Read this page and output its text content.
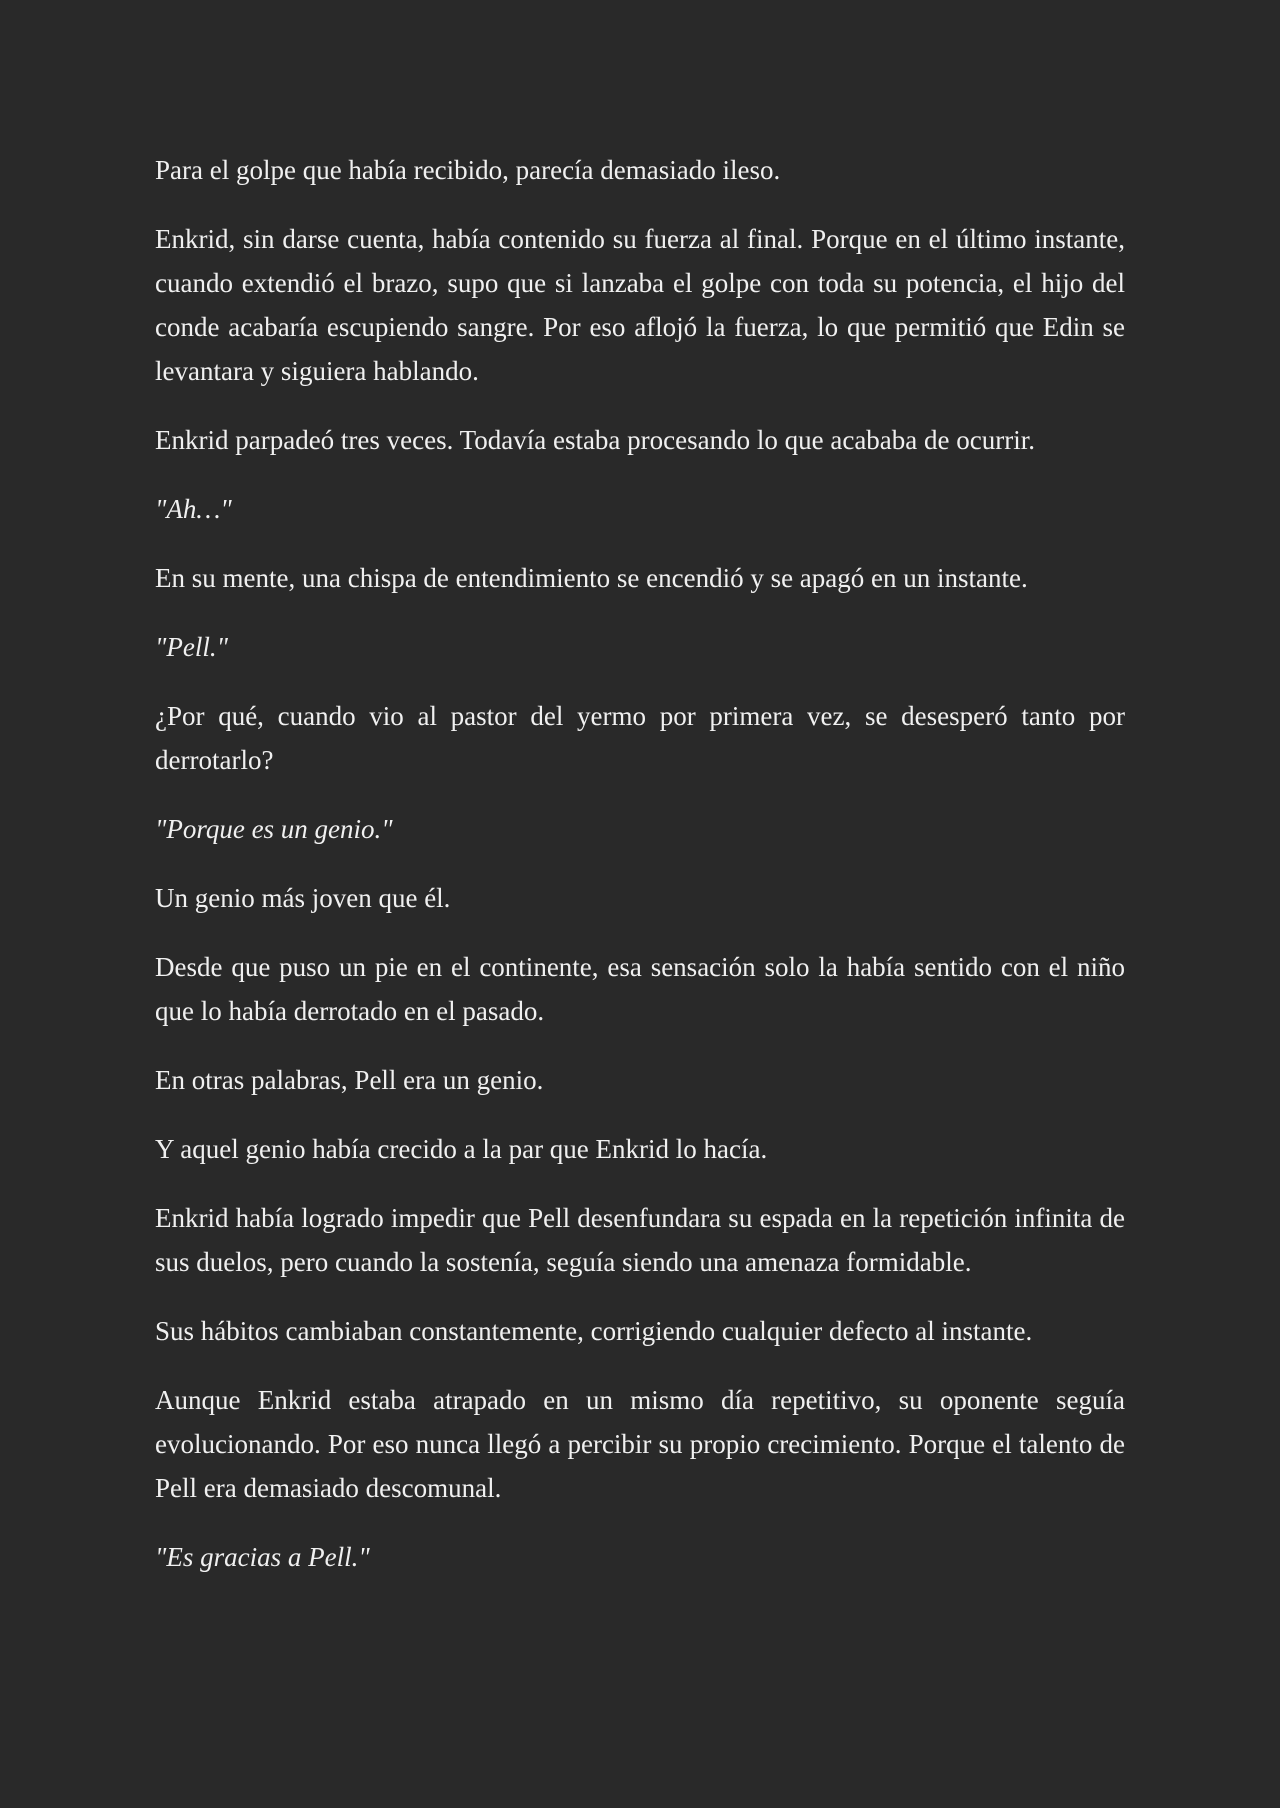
Para el golpe que había recibido, parecía demasiado ileso.

Enkrid, sin darse cuenta, había contenido su fuerza al final. Porque en el último instante, cuando extendió el brazo, supo que si lanzaba el golpe con toda su potencia, el hijo del conde acabaría escupiendo sangre. Por eso aflojó la fuerza, lo que permitió que Edin se levantara y siguiera hablando.

Enkrid parpadeó tres veces. Todavía estaba procesando lo que acababa de ocurrir.

"Ah…"

En su mente, una chispa de entendimiento se encendió y se apagó en un instante.

"Pell."

¿Por qué, cuando vio al pastor del yermo por primera vez, se desesperó tanto por derrotarlo?

"Porque es un genio."

Un genio más joven que él.

Desde que puso un pie en el continente, esa sensación solo la había sentido con el niño que lo había derrotado en el pasado.

En otras palabras, Pell era un genio.

Y aquel genio había crecido a la par que Enkrid lo hacía.

Enkrid había logrado impedir que Pell desenfundara su espada en la repetición infinita de sus duelos, pero cuando la sostenía, seguía siendo una amenaza formidable.

Sus hábitos cambiaban constantemente, corrigiendo cualquier defecto al instante.

Aunque Enkrid estaba atrapado en un mismo día repetitivo, su oponente seguía evolucionando. Por eso nunca llegó a percibir su propio crecimiento. Porque el talento de Pell era demasiado descomunal.

"Es gracias a Pell."
